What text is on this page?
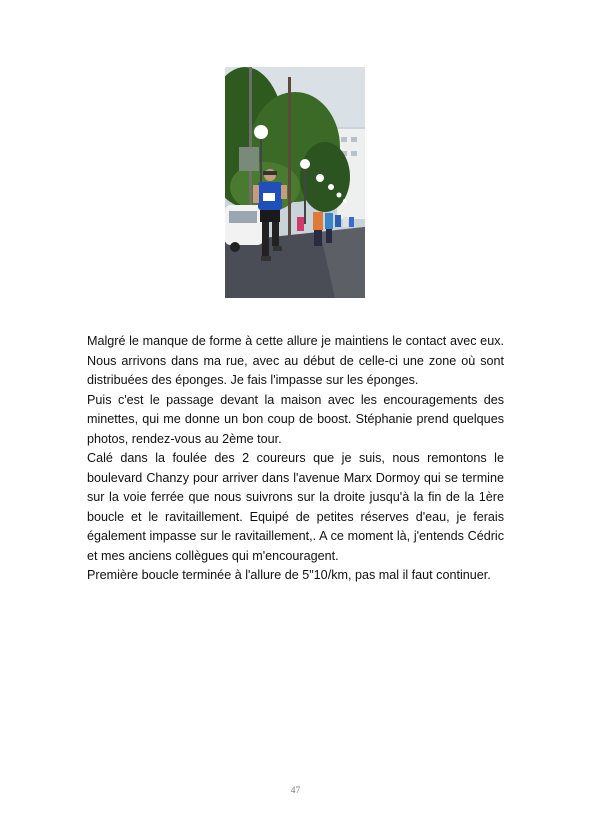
Malgré le manque de forme à cette allure je maintiens le contact avec eux. Nous arrivons dans ma rue, avec au début de celle-ci une zone où sont distribuées des éponges. Je fais l'impasse sur les éponges.

Puis c'est le passage devant la maison avec les encouragements des minettes, qui me donne un bon coup de boost. Stéphanie prend quelques photos, rendez-vous au 2ème tour.

Calé dans la foulée des 2 coureurs que je suis, nous remontons le boulevard Chanzy pour arriver dans l'avenue Marx Dormoy qui se termine sur la voie ferrée que nous suivrons sur la droite jusqu'à la fin de la 1ère boucle et le ravitaillement. Equipé de petites réserves d'eau, je ferais également impasse sur le ravitaillement,. A ce moment là, j'entends Cédric et mes anciens collègues qui m'encouragent.

Première boucle terminée à l'allure de 5"10/km, pas mal il faut continuer.

47
